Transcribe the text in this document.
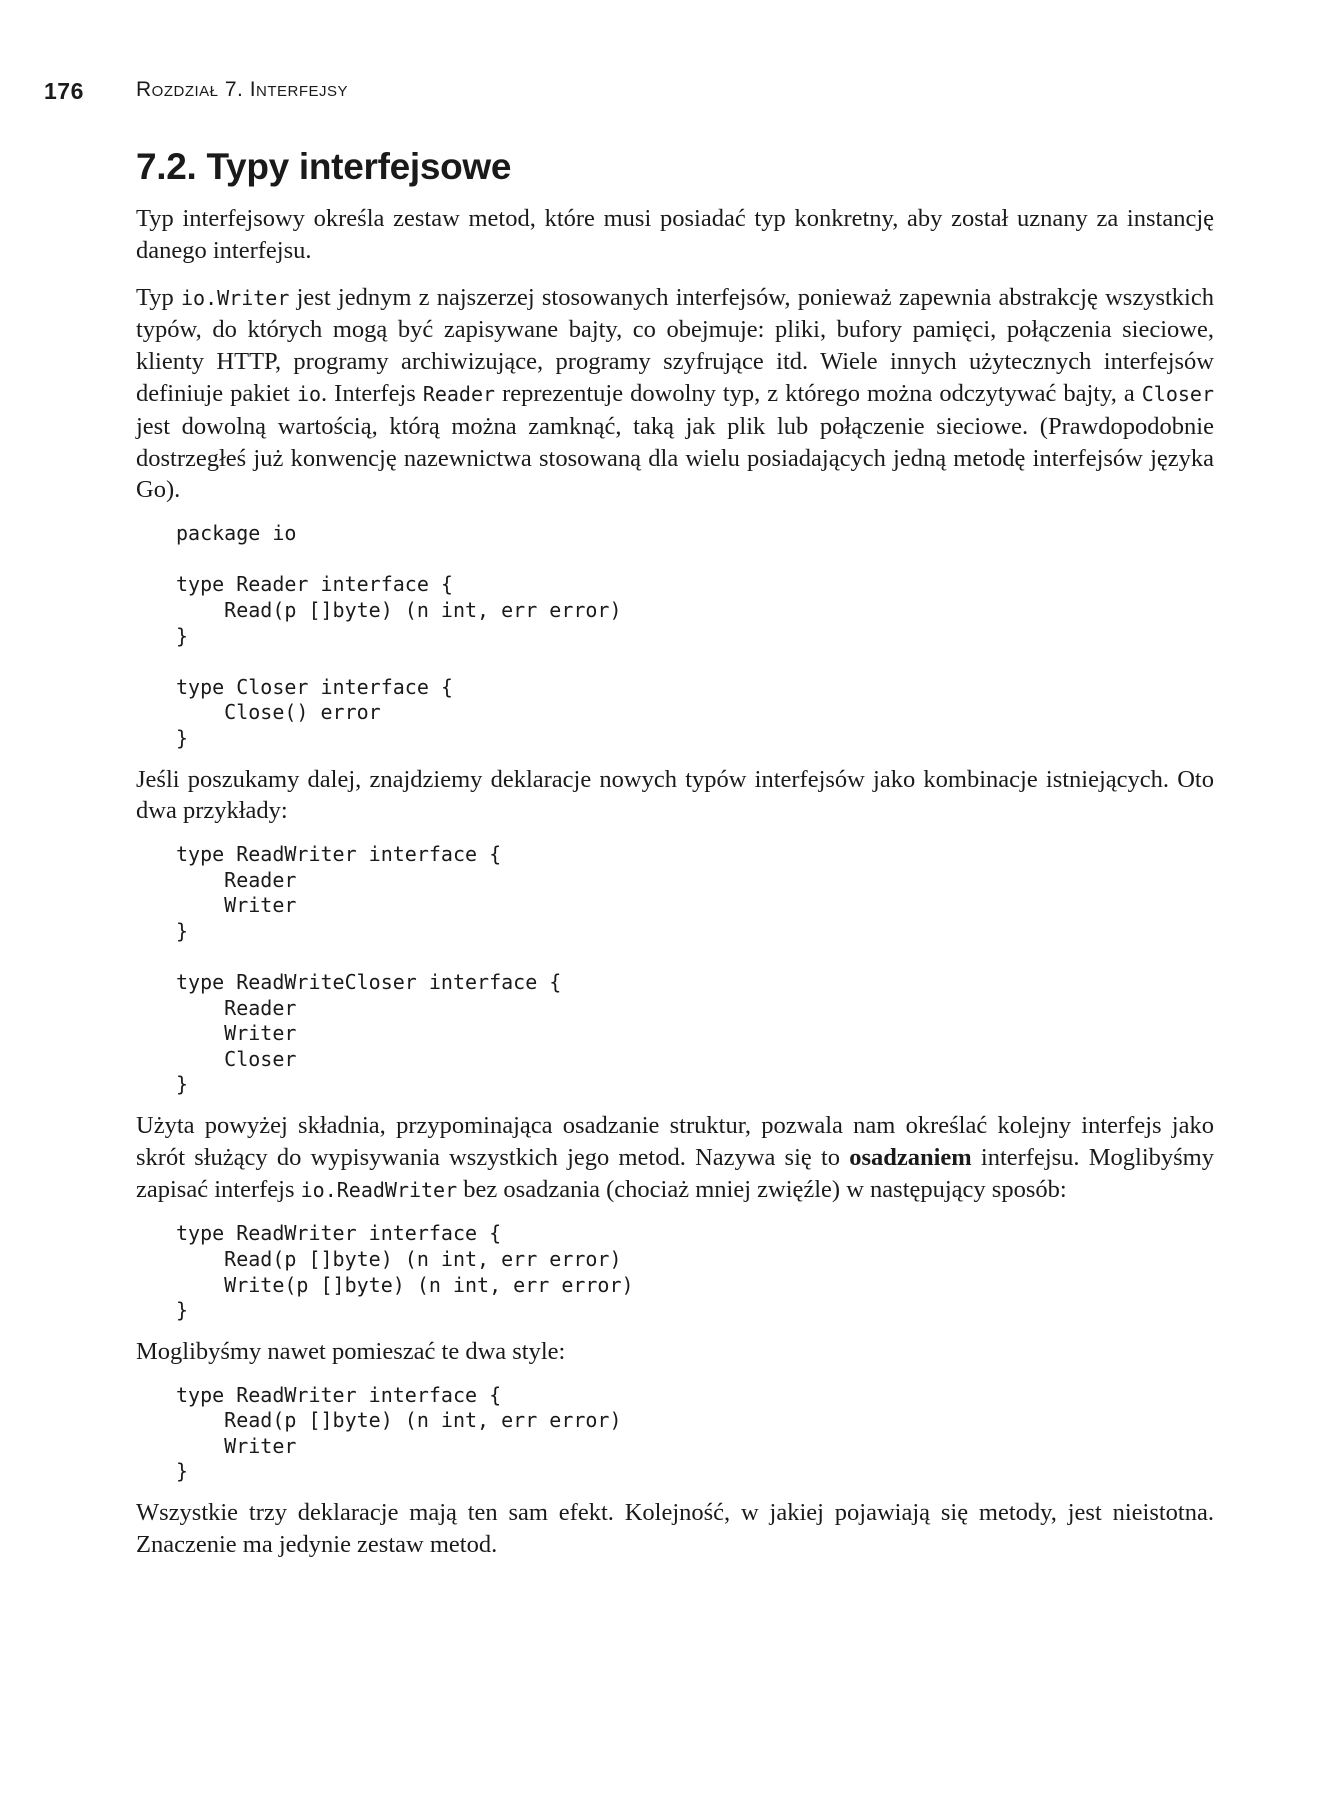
176 Rozdział 7. Interfejsy
7.2. Typy interfejsowe

Typ interfejsowy określa zestaw metod, które musi posiadać typ konkretny, aby został uznany za instancję danego interfejsu.

Typ io.Writer jest jednym z najszerzej stosowanych interfejsów, ponieważ zapewnia abstrakcję wszystkich typów, do których mogą być zapisywane bajty, co obejmuje: pliki, bufory pamięci, połączenia sieciowe, klienty HTTP, programy archiwizujące, programy szyfrujące itd. Wiele innych użytecznych interfejsów definiuje pakiet io. Interfejs Reader reprezentuje dowolny typ, z którego można odczytywać bajty, a Closer jest dowolną wartością, którą można zamknąć, taką jak plik lub połączenie sieciowe. (Prawdopodobnie dostrzegłeś już konwencję nazewnictwa stosowaną dla wielu posiadających jedną metodę interfejsów języka Go).

package io

type Reader interface {
Read(p []byte) (n int, err error)
}

type Closer interface {
Close() error
}

Jeśli poszukamy dalej, znajdziemy deklaracje nowych typów interfejsów jako kombinacje istniejących. Oto dwa przykłady:

type ReadWriter interface {
Reader
Writer
}

type ReadWriteCloser interface {
Reader
Writer
Closer
}

Użyta powyżej składnia, przypominająca osadzanie struktur, pozwala nam określać kolejny interfejs jako skrót służący do wypisywania wszystkich jego metod. Nazywa się to osadzaniem interfejsu. Moglibyśmy zapisać interfejs io.ReadWriter bez osadzania (chociaż mniej zwięźle) w następujący sposób:

type ReadWriter interface {
Read(p []byte) (n int, err error)
Write(p []byte) (n int, err error)
}

Moglibyśmy nawet pomieszać te dwa style:

type ReadWriter interface {
Read(p []byte) (n int, err error)
Writer
}

Wszystkie trzy deklaracje mają ten sam efekt. Kolejność, w jakiej pojawiają się metody, jest nieistotna. Znaczenie ma jedynie zestaw metod.
